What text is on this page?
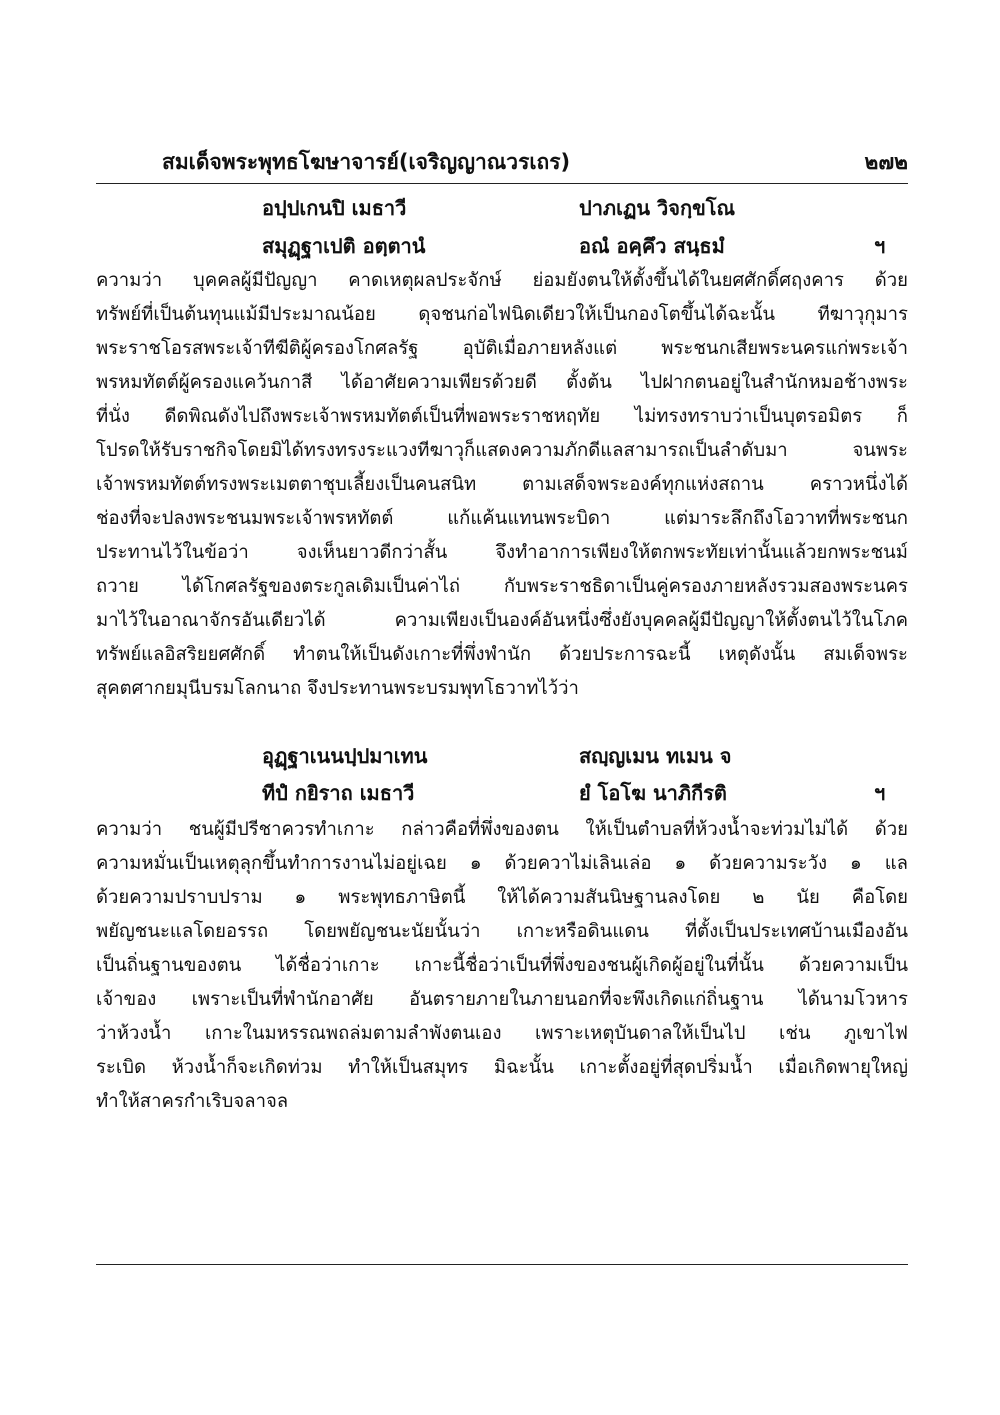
สมเด็จพระพุทธโฆษาจารย์(เจริญญาณวรเถร)	๒๗๒
อปฺปเกนปิ เมธาวี	ปาภเฏน วิจกฺขโณ
สมุฏฺฐาเปติ อตฺตานํ	อณํ อคฺคึว สนฺธมํ	ฯ
ความว่า บุคคลผู้มีปัญญา คาดเหตุผลประจักษ์ ย่อมยังตนให้ตั้งขึ้นได้ในยศศักดิ์ศฤงคาร ด้วย
ทรัพย์ที่เป็นต้นทุนแม้มีประมาณน้อย ดุจชนก่อไฟนิดเดียวให้เป็นกองโตขึ้นได้ฉะนั้น ทีฆาวุกุมาร
พระราชโอรสพระเจ้าทีฆีติผู้ครองโกศลรัฐ อุบัติเมื่อภายหลังแต่ พระชนกเสียพระนครแก่พระเจ้า
พรหมทัตต์ผู้ครองแคว้นกาสี ได้อาศัยความเพียรด้วยดี ตั้งต้น ไปฝากตนอยู่ในสำนักหมอช้างพระ
ที่นั่ง ดีดพิณดังไปถึงพระเจ้าพรหมทัตต์เป็นที่พอพระราชหฤทัย ไม่ทรงทราบว่าเป็นบุตรอมิตร ก็
โปรดให้รับราชกิจโดยมิได้ทรงทรงระแวงทีฆาวุก็แสดงความภักดีแลสามารถเป็นลำดับมา จนพระ
เจ้าพรหมทัตต์ทรงพระเมตตาชุบเลี้ยงเป็นคนสนิท ตามเสด็จพระองค์ทุกแห่งสถาน คราวหนึ่งได้
ช่องที่จะปลงพระชนมพระเจ้าพรหทัตต์ แก้แค้นแทนพระบิดา แต่มาระลึกถึงโอวาทที่พระชนก
ประทานไว้ในข้อว่า จงเห็นยาวดีกว่าสั้น จึงทำอาการเพียงให้ตกพระทัยเท่านั้นแล้วยกพระชนม์
ถวาย ได้โกศลรัฐของตระกูลเดิมเป็นค่าไถ่ กับพระราชธิดาเป็นคู่ครองภายหลังรวมสองพระนคร
มาไว้ในอาณาจักรอันเดียวได้ ความเพียงเป็นองค์อันหนึ่งซึ่งยังบุคคลผู้มีปัญญาให้ตั้งตนไว้ในโภค
ทรัพย์แลอิสริยยศศักดิ์ ทำตนให้เป็นดังเกาะที่พึ่งพำนัก ด้วยประการฉะนี้ เหตุดังนั้น สมเด็จพระ
สุคตศากยมุนีบรมโลกนาถ จึงประทานพระบรมพุทโธวาทไว้ว่า
อุฏฺฐาเนนปฺปมาเทน	สญฺญเมน ทเมน จ
ทีปํ กยิราถ เมธาวี	ยํ โอโฆ นาภิกีรติ	ฯ
ความว่า ชนผู้มีปรีชาควรทำเกาะ กล่าวคือที่พึ่งของตน ให้เป็นตำบลที่ห้วงน้ำจะท่วมไม่ได้ ด้วย
ความหมั่นเป็นเหตุลุกขึ้นทำการงานไม่อยู่เฉย ๑ ด้วยควาไม่เลินเล่อ ๑ ด้วยความระวัง ๑ แล
ด้วยความปราบปราม ๑ พระพุทธภาษิตนี้ ให้ได้ความสันนิษฐานลงโดย ๒ นัย คือโดย
พยัญชนะแลโดยอรรถ โดยพยัญชนะนัยนั้นว่า เกาะหรือดินแดน ที่ตั้งเป็นประเทศบ้านเมืองอัน
เป็นถิ่นฐานของตน ได้ชื่อว่าเกาะ เกาะนี้ชื่อว่าเป็นที่พึ่งของชนผู้เกิดผู้อยู่ในที่นั้น ด้วยความเป็น
เจ้าของ เพราะเป็นที่พำนักอาศัย อันตรายภายในภายนอกที่จะพึงเกิดแก่ถิ่นฐาน ได้นามโวหาร
ว่าห้วงน้ำ เกาะในมหรรณพถล่มตามลำพังตนเอง เพราะเหตุบันดาลให้เป็นไป เช่น ภูเขาไฟ
ระเบิด ห้วงน้ำก็จะเกิดท่วม ทำให้เป็นสมุทร มิฉะนั้น เกาะตั้งอยู่ที่สุดปริ่มน้ำ เมื่อเกิดพายุใหญ่
ทำให้สาครกำเริบจลาจล
